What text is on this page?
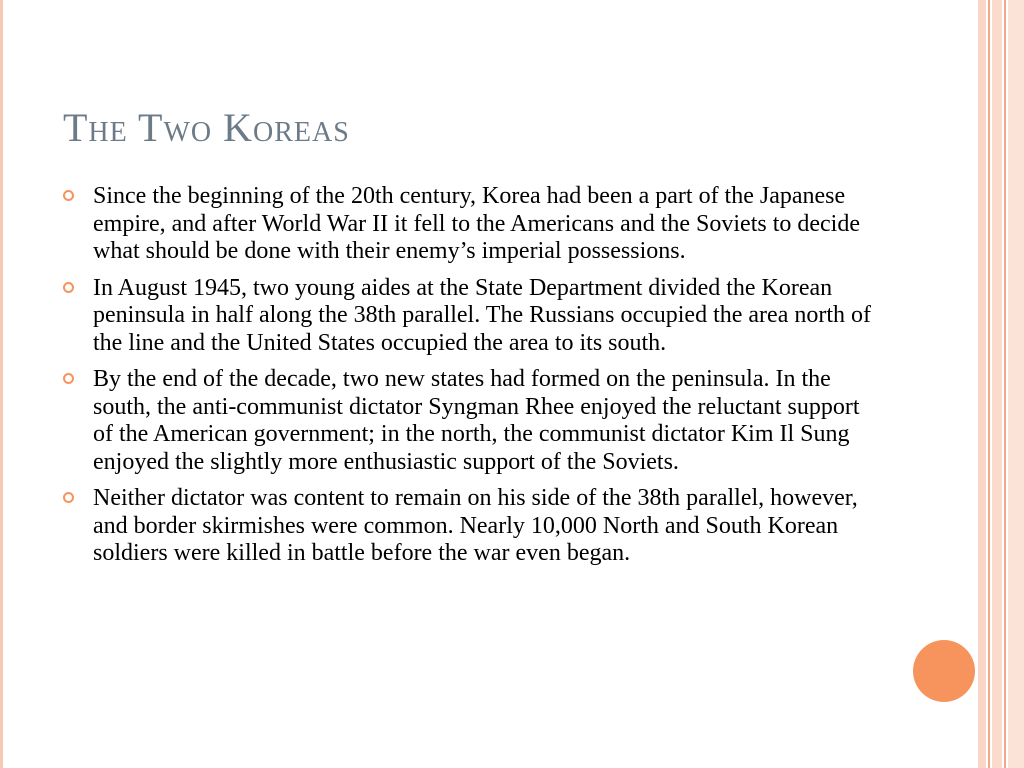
The Two Koreas
Since the beginning of the 20th century, Korea had been a part of the Japanese empire, and after World War II it fell to the Americans and the Soviets to decide what should be done with their enemy’s imperial possessions.
In August 1945, two young aides at the State Department divided the Korean peninsula in half along the 38th parallel. The Russians occupied the area north of the line and the United States occupied the area to its south.
By the end of the decade, two new states had formed on the peninsula. In the south, the anti-communist dictator Syngman Rhee enjoyed the reluctant support of the American government; in the north, the communist dictator Kim Il Sung enjoyed the slightly more enthusiastic support of the Soviets.
Neither dictator was content to remain on his side of the 38th parallel, however, and border skirmishes were common. Nearly 10,000 North and South Korean soldiers were killed in battle before the war even began.
